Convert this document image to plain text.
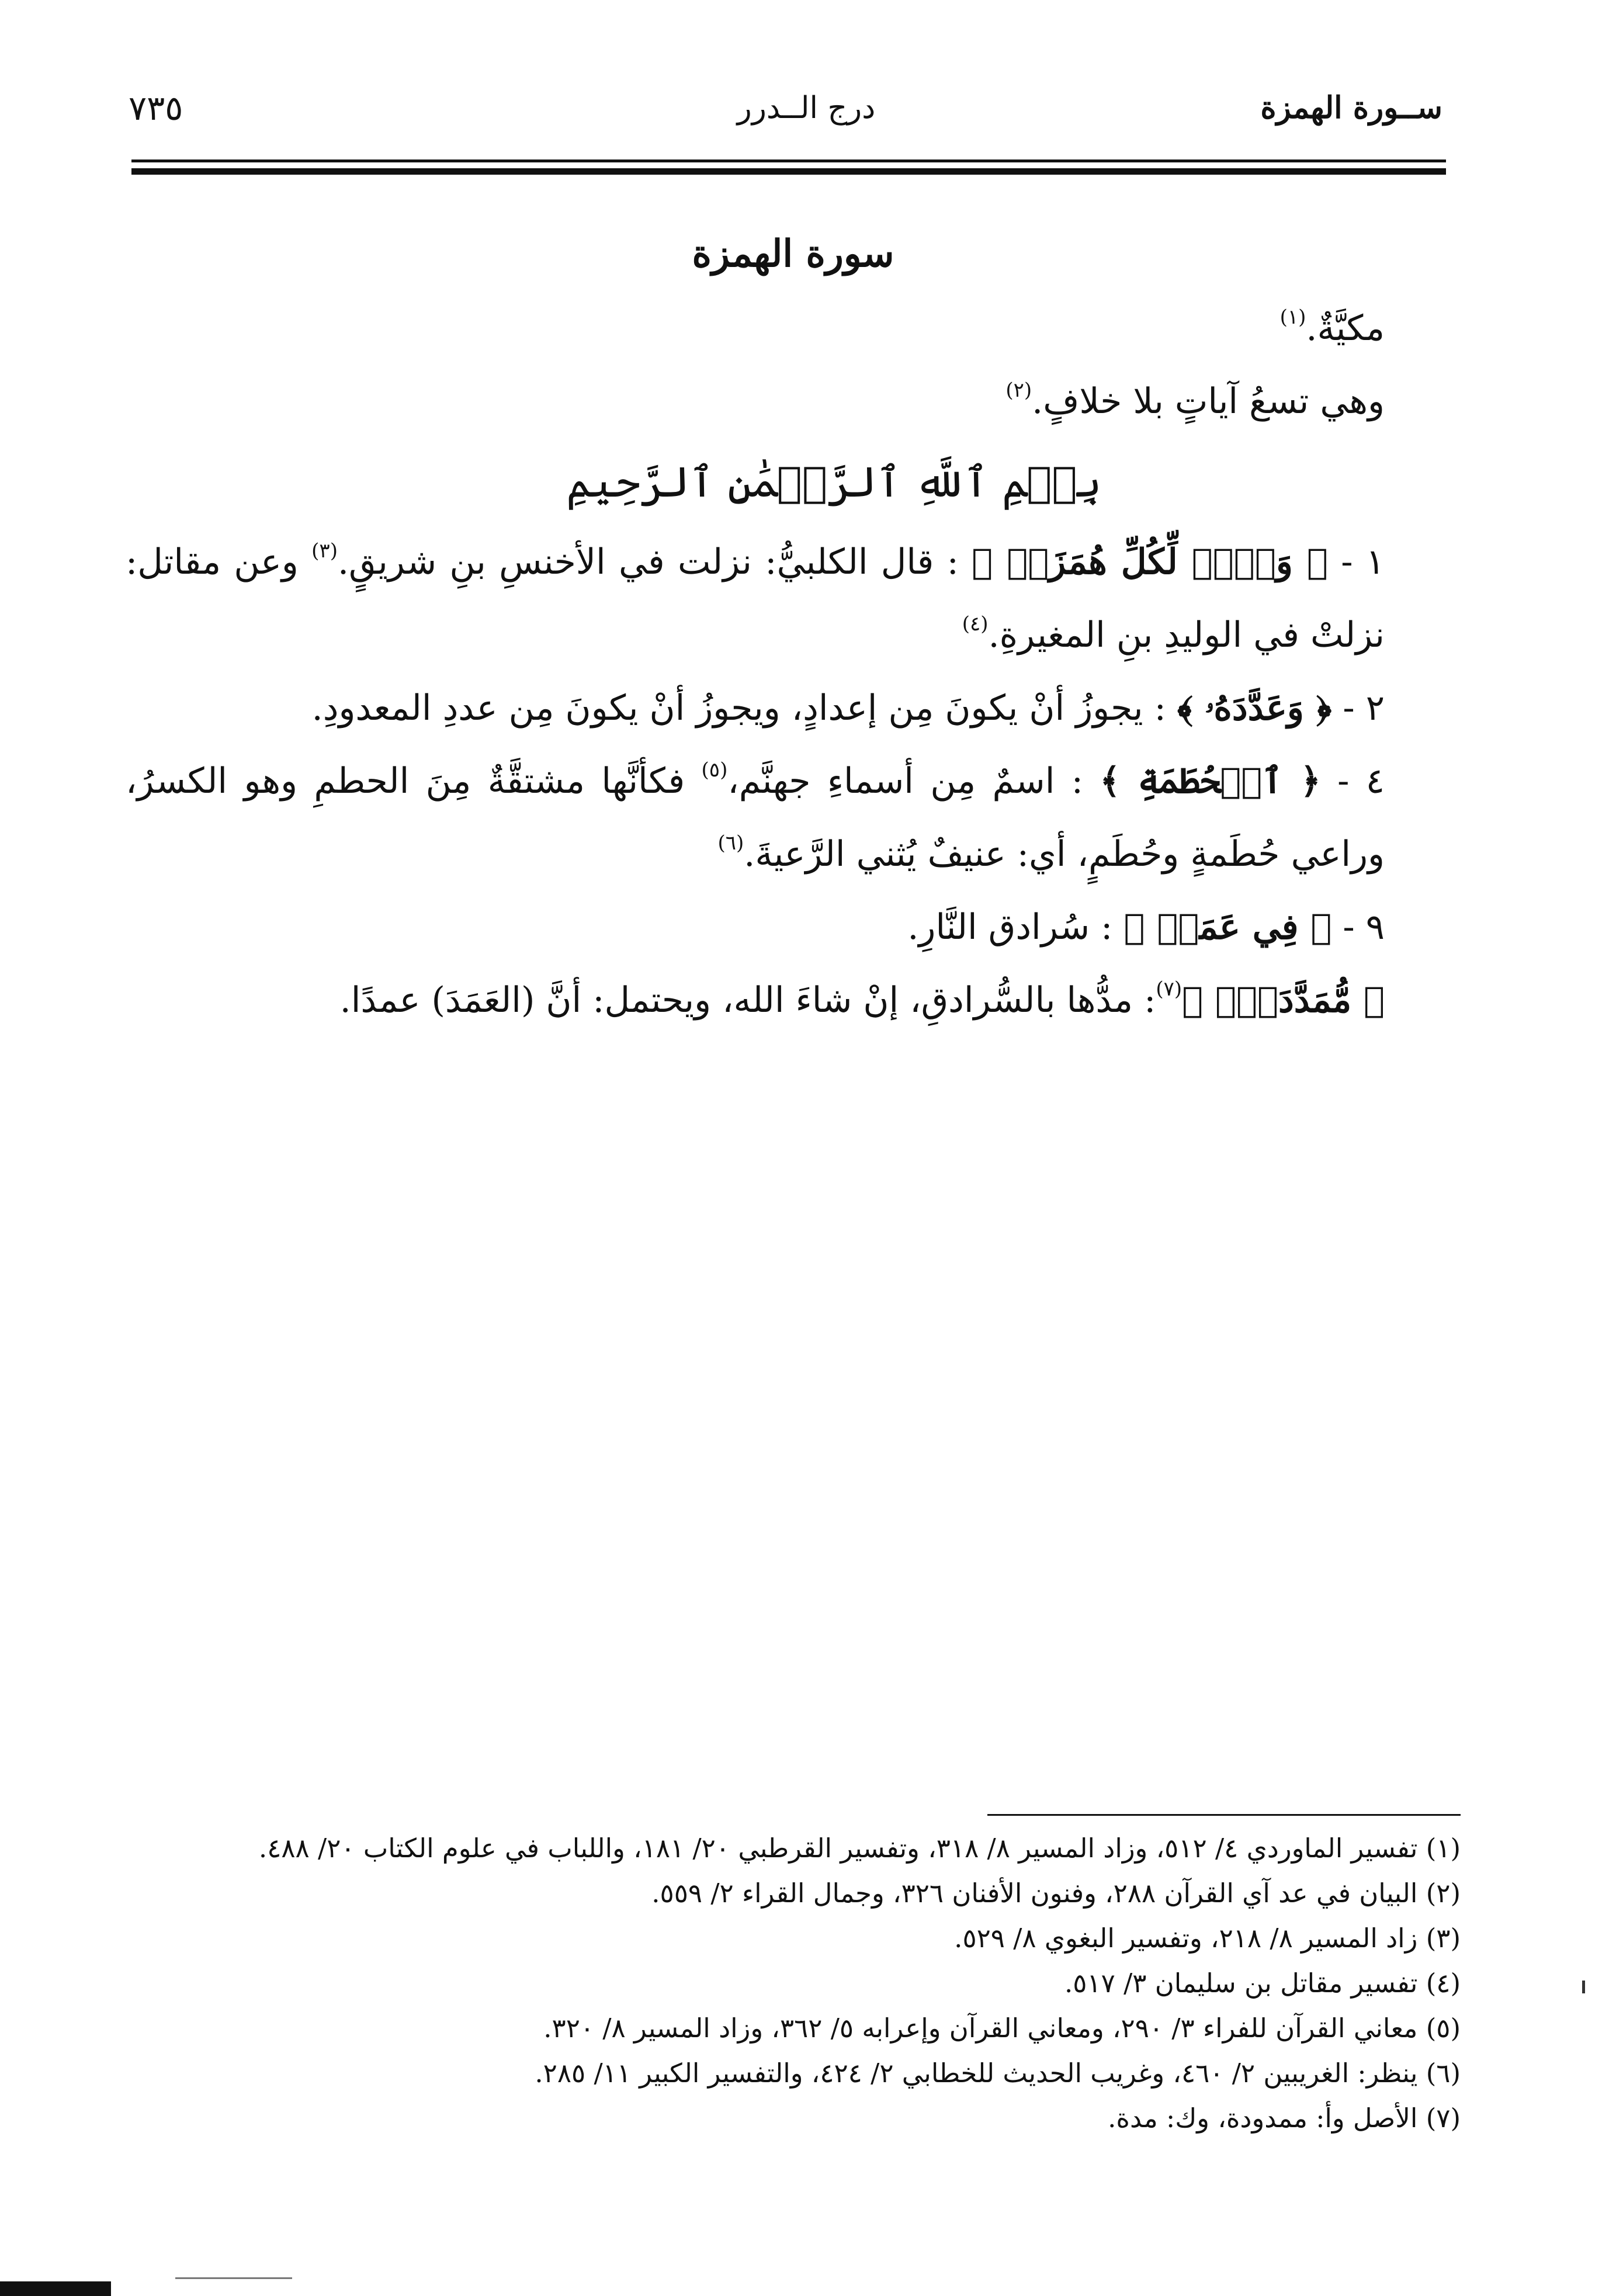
ســورة الهمزة
درج الــدرر
٧٣٥

سورة الهمزة

مكيَّةٌ.$^{(١)}$

وهي تسعُ آياتٍ بلا خلافٍ.$^{(٢)}$

بِسۡمِ ٱللَّهِ ٱلرَّحۡمَٰنِ ٱلرَّحِيمِ

١ - ﴿ وَيۡلٞ لِّكُلِّ هُمَزَةٖ ﴾ : قال الكلبيُّ: نزلت في الأخنسِ بنِ شريقٍ.$^{(٣)}$ وعن مقاتل: نزلتْ في الوليدِ بنِ المغيرةِ.$^{(٤)}$

٢ - ﴿ وَعَدَّدَهُۥ ﴾ : يجوزُ أنْ يكونَ مِن إعدادٍ، ويجوزُ أنْ يكونَ مِن عددِ المعدودِ.

٤ - ﴿ ٱلۡحُطَمَةِ ﴾ : اسمٌ مِن أسماءِ جهنَّم،$^{(٥)}$ فكأنَّها مشتقَّةٌ مِنَ الحطمِ وهو الكسرُ، وراعي حُطَمةٍ وحُطَمٍ، أي: عنيفٌ يُثني الرَّعيةَ.$^{(٦)}$

٩ - ﴿ فِي عَمَدٖ ﴾ : سُرادق النَّارِ.

﴿ مُّمَدَّدَةِۭ ﴾$^{(٧)}$: مدُّها بالسُّرادقِ، إنْ شاءَ الله، ويحتمل: أنَّ (العَمَدَ) عمدًا.

(١) تفسير الماوردي ٤/ ٥١٢، وزاد المسير ٨/ ٣١٨، وتفسير القرطبي ٢٠/ ١٨١، واللباب في علوم الكتاب ٢٠/ ٤٨٨.

(٢) البيان في عد آي القرآن ٢٨٨، وفنون الأفنان ٣٢٦، وجمال القراء ٢/ ٥٥٩.

(٣) زاد المسير ٨/ ٢١٨، وتفسير البغوي ٨/ ٥٢٩.

(٤) تفسير مقاتل بن سليمان ٣/ ٥١٧.

(٥) معاني القرآن للفراء ٣/ ٢٩٠، ومعاني القرآن وإعرابه ٥/ ٣٦٢، وزاد المسير ٨/ ٣٢٠.

(٦) ينظر: الغريبين ٢/ ٤٦٠، وغريب الحديث للخطابي ٢/ ٤٢٤، والتفسير الكبير ١١/ ٢٨٥.

(٧) الأصل وأ: ممدودة، وك: مدة.
